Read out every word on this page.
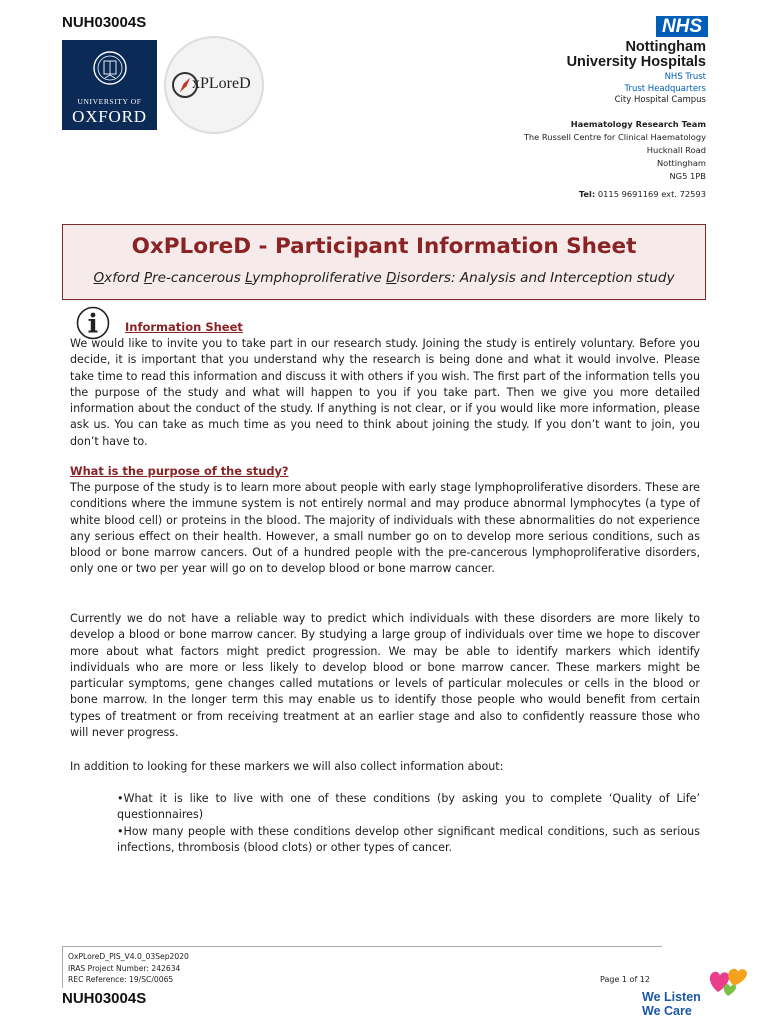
NUH03004S
UNIVERSITY OF
OXFORD
xPLoreD
NHS
Nottingham
University Hospitals
NHS Trust
Trust Headquarters
City Hospital Campus
Haematology Research Team
The Russell Centre for Clinical Haematology
Hucknall Road
Nottingham
NG5 1PB
Tel: 0115 9691169 ext. 72593
OxPLoreD - Participant Information Sheet
Oxford Pre-cancerous Lymphoproliferative Disorders: Analysis and Interception study
Information Sheet
We would like to invite you to take part in our research study. Joining the study is entirely voluntary. Before you decide, it is important that you understand why the research is being done and what it would involve. Please take time to read this information and discuss it with others if you wish. The first part of the information tells you the purpose of the study and what will happen to you if you take part. Then we give you more detailed information about the conduct of the study. If anything is not clear, or if you would like more information, please ask us. You can take as much time as you need to think about joining the study. If you don’t want to join, you don’t have to.
What is the purpose of the study?
The purpose of the study is to learn more about people with early stage lymphoproliferative disorders. These are conditions where the immune system is not entirely normal and may produce abnormal lymphocytes (a type of white blood cell) or proteins in the blood. The majority of individuals with these abnormalities do not experience any serious effect on their health. However, a small number go on to develop more serious conditions, such as blood or bone marrow cancers. Out of a hundred people with the pre-cancerous lymphoproliferative disorders, only one or two per year will go on to develop blood or bone marrow cancer.
Currently we do not have a reliable way to predict which individuals with these disorders are more likely to develop a blood or bone marrow cancer. By studying a large group of individuals over time we hope to discover more about what factors might predict progression. We may be able to identify markers which identify individuals who are more or less likely to develop blood or bone marrow cancer. These markers might be particular symptoms, gene changes called mutations or levels of particular molecules or cells in the blood or bone marrow. In the longer term this may enable us to identify those people who would benefit from certain types of treatment or from receiving treatment at an earlier stage and also to confidently reassure those who will never progress.
In addition to looking for these markers we will also collect information about:
•What it is like to live with one of these conditions (by asking you to complete ‘Quality of Life’ questionnaires)
•How many people with these conditions develop other significant medical conditions, such as serious infections, thrombosis (blood clots) or other types of cancer.
OxPLoreD_PIS_V4.0_03Sep2020
IRAS Project Number: 242634
REC Reference: 19/SC/0065	Page 1 of 12
NUH03004S	We Listen
We Care
